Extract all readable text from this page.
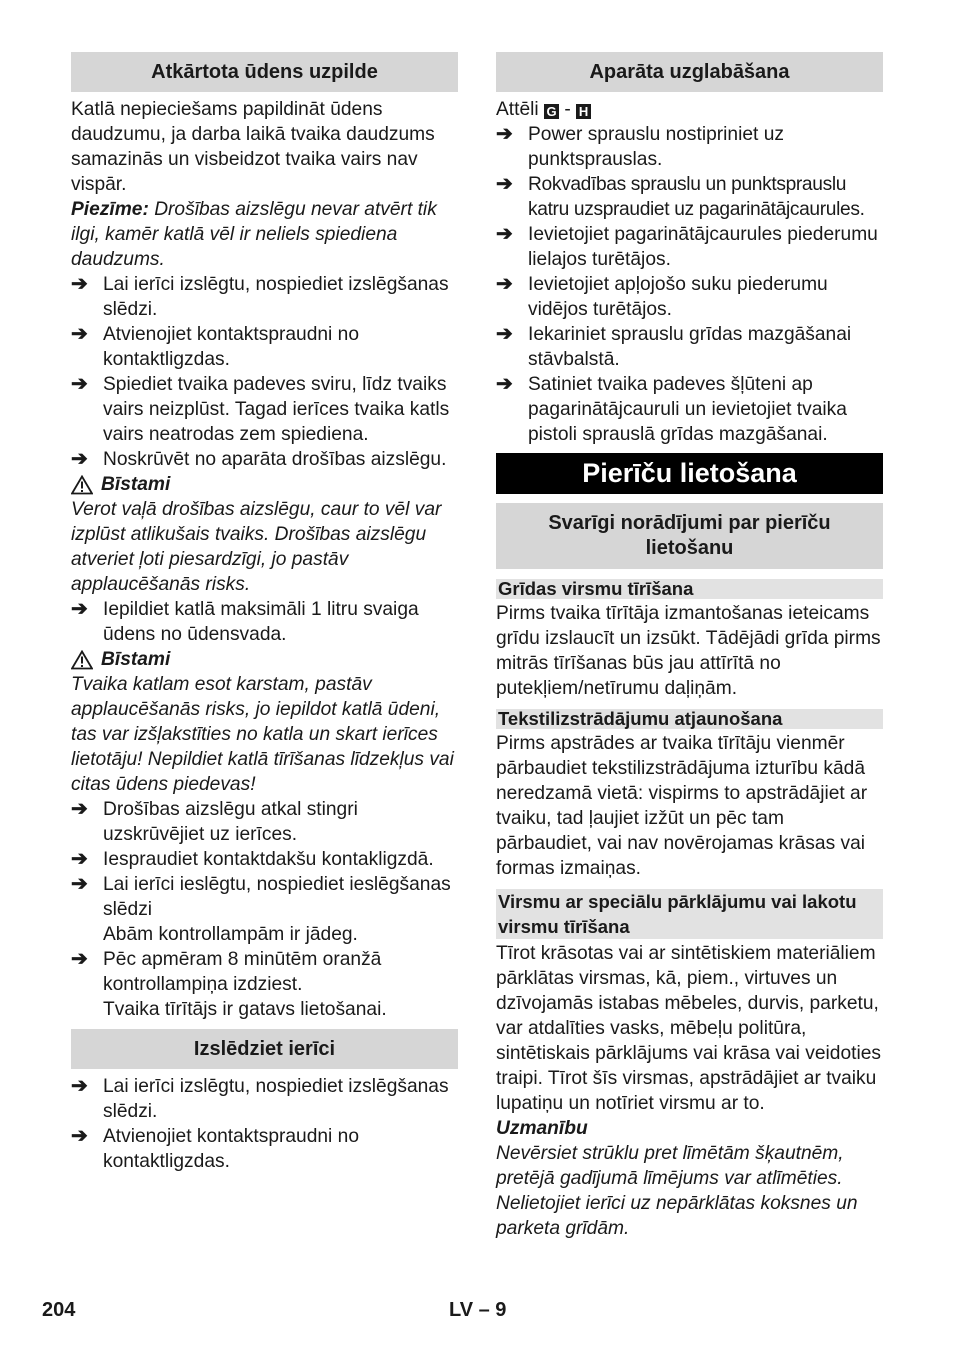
Atkārtota ūdens uzpilde

Katlā nepieciešams papildināt ūdens daudzumu, ja darba laikā tvaika daudzums samazinās un visbeidzot tvaika vairs nav vispār.

Piezīme: Drošības aizslēgu nevar atvērt tik ilgi, kamēr katlā vēl ir neliels spiediena daudzums.

➔ Lai ierīci izslēgtu, nospiediet izslēgšanas slēdzi.
➔ Atvienojiet kontaktspraudni no kontaktligzdas.
➔ Spiediet tvaika padeves sviru, līdz tvaiks vairs neizplūst. Tagad ierīces tvaika katls vairs neatrodas zem spiediena.
➔ Noskrūvēt no aparāta drošības aizslēgu.
Bīstami

Verot vaļā drošības aizslēgu, caur to vēl var izplūst atlikušais tvaiks. Drošības aizslēgu atveriet ļoti piesardzīgi, jo pastāv applaucēšanās risks.

➔ Iepildiet katlā maksimāli 1 litru svaiga ūdens no ūdensvada.
Bīstami

Tvaika katlam esot karstam, pastāv applaucēšanās risks, jo iepildot katlā ūdeni, tas var izšļakstīties no katla un skart ierīces lietotāju! Nepildiet katlā tīrīšanas līdzekļus vai citas ūdens piedevas!

➔ Drošības aizslēgu atkal stingri uzskrūvējiet uz ierīces.
➔ Iespraudiet kontaktdakšu kontakligzdā.
➔ Lai ierīci ieslēgtu, nospiediet ieslēgšanas slēdzi

Abām kontrollampām ir jādeg.

➔ Pēc apmēram 8 minūtēm oranžā kontrollampiņa izdziest.

Tvaika tīrītājs ir gatavs lietošanai.

Izslēdziet ierīci
➔ Lai ierīci izslēgtu, nospiediet izslēgšanas slēdzi.
➔ Atvienojiet kontaktspraudni no kontaktligzdas.
Aparāta uzglabāšana

Attēli G - H

➔ Power sprauslu nostipriniet uz punktsprauslas.
➔ Rokvadības sprauslu un punktsprauslu katru uzspraudiet uz pagarinātājcaurules.
➔ Ievietojiet pagarinātājcaurules piederumu lielajos turētājos.
➔ Ievietojiet apļojošo suku piederumu vidējos turētājos.
➔ Iekariniet sprauslu grīdas mazgāšanai stāvbalstā.
➔ Satiniet tvaika padeves šļūteni ap pagarinātājcauruli un ievietojiet tvaika pistoli sprauslā grīdas mazgāšanai.
Pierīču lietošana
Svarīgi norādījumi par pierīču lietošanu
Grīdas virsmu tīrīšana

Pirms tvaika tīrītāja izmantošanas ieteicams grīdu izslaucīt un izsūkt. Tādējādi grīda pirms mitrās tīrīšanas būs jau attīrītā no putekļiem/netīrumu daļiņām.

Tekstilizstrādājumu atjaunošana

Pirms apstrādes ar tvaika tīrītāju vienmēr pārbaudiet tekstilizstrādājuma izturību kādā neredzamā vietā: vispirms to apstrādājiet ar tvaiku, tad ļaujiet izžūt un pēc tam pārbaudiet, vai nav novērojamas krāsas vai formas izmaiņas.

Virsmu ar speciālu pārklājumu vai lakotu virsmu tīrīšana

Tīrot krāsotas vai ar sintētiskiem materiāliem pārklātas virsmas, kā, piem., virtuves un dzīvojamās istabas mēbeles, durvis, parketu, var atdalīties vasks, mēbeļu politūra, sintētiskais pārklājums vai krāsa vai veidoties traipi. Tīrot šīs virsmas, apstrādājiet ar tvaiku lupatiņu un notīriet virsmu ar to.

Uzmanību

Nevērsiet strūklu pret līmētām šķautnēm, pretējā gadījumā līmējums var atlīmēties. Nelietojiet ierīci uz nepārklātas koksnes un parketa grīdām.

204	LV – 9
